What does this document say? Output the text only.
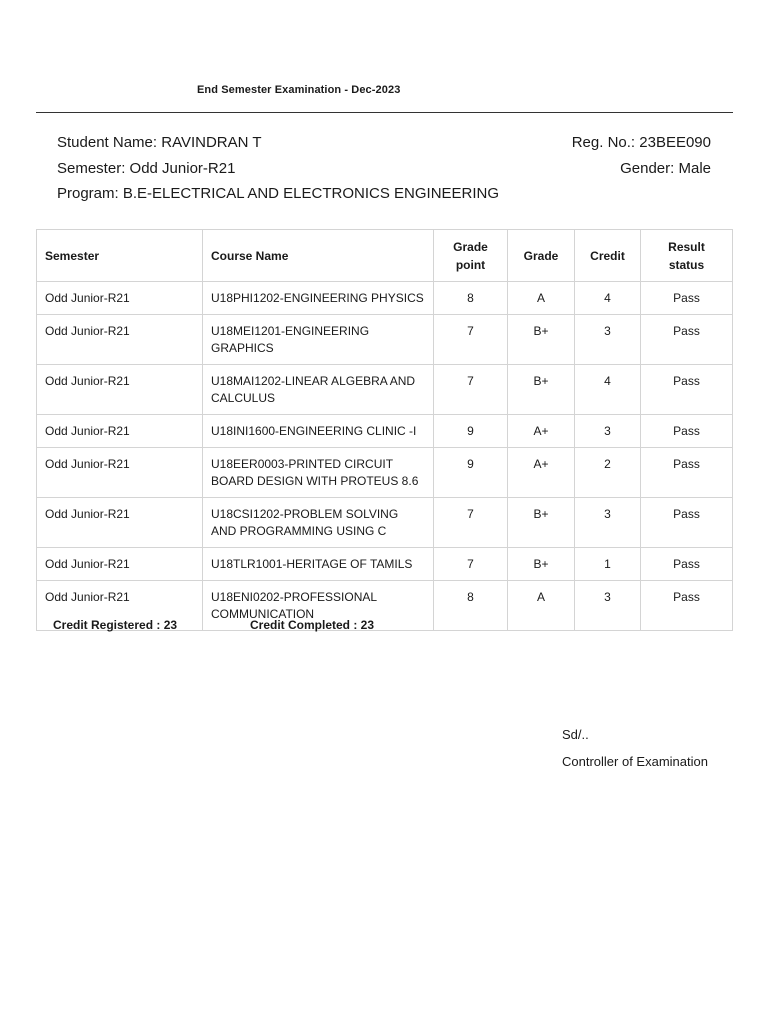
End Semester Examination - Dec-2023
Student Name: RAVINDRAN T	Reg. No.: 23BEE090
Semester: Odd Junior-R21	Gender: Male
Program: B.E-ELECTRICAL AND ELECTRONICS ENGINEERING
Semester	Course Name	Grade point	Grade	Credit	Result status
Odd Junior-R21	U18PHI1202-ENGINEERING PHYSICS	8	A	4	Pass
Odd Junior-R21	U18MEI1201-ENGINEERING GRAPHICS	7	B+	3	Pass
Odd Junior-R21	U18MAI1202-LINEAR ALGEBRA AND CALCULUS	7	B+	4	Pass
Odd Junior-R21	U18INI1600-ENGINEERING CLINIC -I	9	A+	3	Pass
Odd Junior-R21	U18EER0003-PRINTED CIRCUIT BOARD DESIGN WITH PROTEUS 8.6	9	A+	2	Pass
Odd Junior-R21	U18CSI1202-PROBLEM SOLVING AND PROGRAMMING USING C	7	B+	3	Pass
Odd Junior-R21	U18TLR1001-HERITAGE OF TAMILS	7	B+	1	Pass
Odd Junior-R21	U18ENI0202-PROFESSIONAL COMMUNICATION	8	A	3	Pass
Credit Registered : 23	Credit Completed : 23
Sd/..
Controller of Examination
